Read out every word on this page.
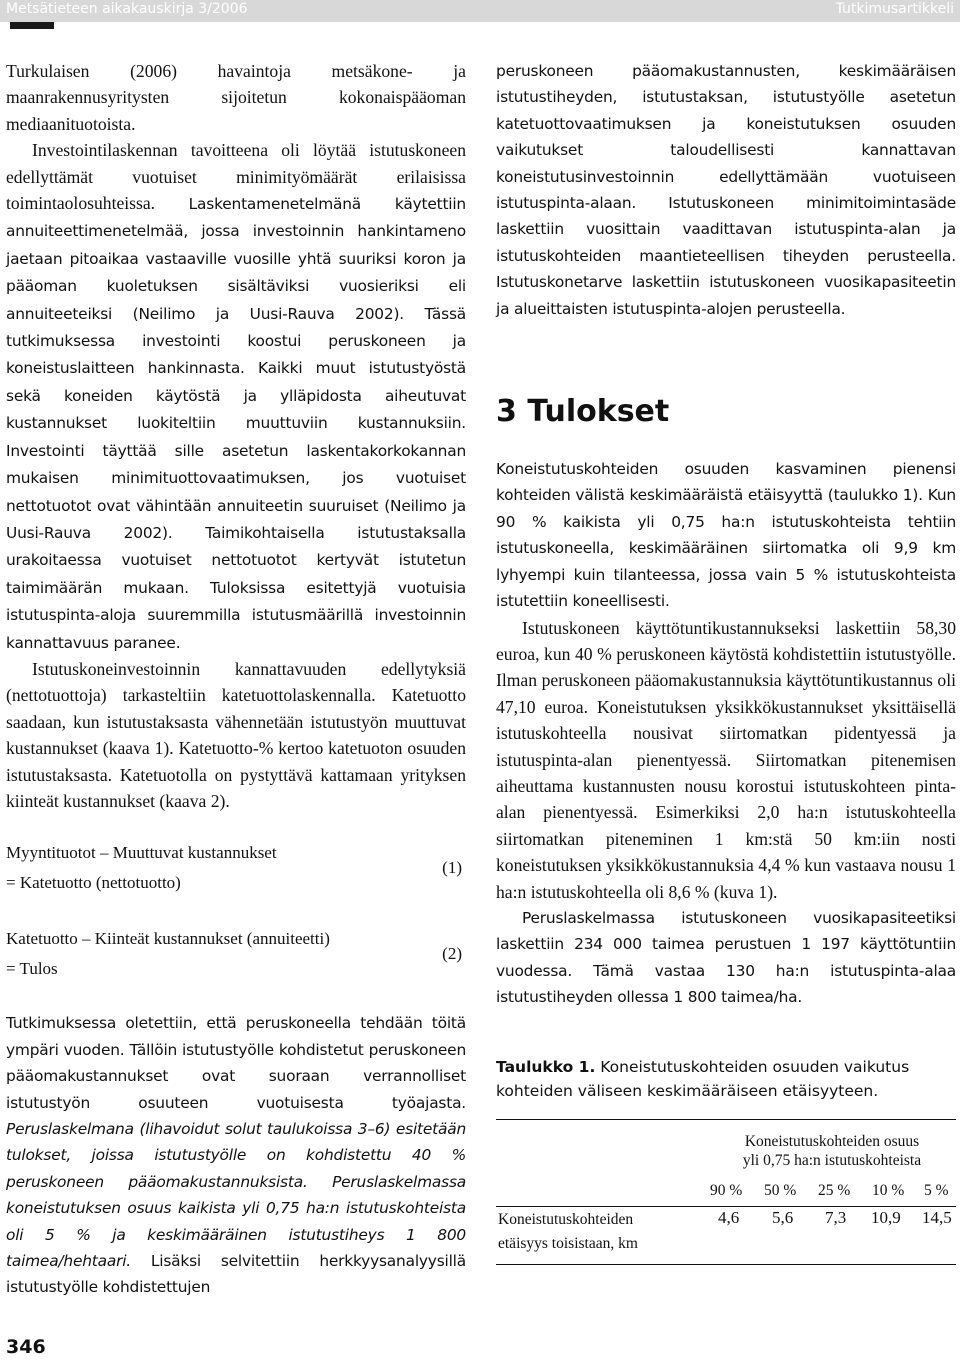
Metsätieteen aikakauskirja 3/2006	Tutkimusartikkeli

Turkulaisen (2006) havaintoja metsäkone- ja maanrakennusyritysten sijoitetun kokonaispääoman mediaanituotoista.

Investointilaskennan tavoitteena oli löytää istutuskoneen edellyttämät vuotuiset minimityömäärät erilaisissa toimintaolosuhteissa. Laskentamenetelmänä käytettiin annuiteettimenetelmää, jossa investoinnin hankintameno jaetaan pitoaikaa vastaaville vuosille yhtä suuriksi koron ja pääoman kuoletuksen sisältäviksi vuosieriksi eli annuiteeteiksi (Neilimo ja Uusi-Rauva 2002). Tässä tutkimuksessa investointi koostui peruskoneen ja koneistuslaitteen hankinnasta. Kaikki muut istutustyöstä sekä koneiden käytöstä ja ylläpidosta aiheutuvat kustannukset luokiteltiin muuttuviin kustannuksiin. Investointi täyttää sille asetetun laskentakorkokannan mukaisen minimituottovaatimuksen, jos vuotuiset nettotuotot ovat vähintään annuiteetin suuruiset (Neilimo ja Uusi-Rauva 2002). Taimikohtaisella istutustaksalla urakoitaessa vuotuiset nettotuotot kertyvät istutetun taimimäärän mukaan. Tuloksissa esitettyjä vuotuisia istutuspinta-aloja suuremmilla istutusmäärillä investoinnin kannattavuus paranee.

Istutuskoneinvestoinnin kannattavuuden edellytyksiä (nettotuottoja) tarkasteltiin katetuottolaskennalla. Katetuotto saadaan, kun istutustaksasta vähennetään istutustyön muuttuvat kustannukset (kaava 1). Katetuotto-% kertoo katetuoton osuuden istutustaksasta. Katetuotolla on pystyttävä kattamaan yrityksen kiinteät kustannukset (kaava 2).

Myyntituotot – Muuttuvat kustannukset
= Katetuotto (nettotuotto)
(1)
Katetuotto – Kiinteät kustannukset (annuiteetti)
= Tulos
(2)

Tutkimuksessa oletettiin, että peruskoneella tehdään töitä ympäri vuoden. Tällöin istutustyölle kohdistetut peruskoneen pääomakustannukset ovat suoraan verrannolliset istutustyön osuuteen vuotuisesta työajasta. Peruslaskelmana (lihavoidut solut taulukoissa 3–6) esitetään tulokset, joissa istutustyölle on kohdistettu 40 % peruskoneen pääomakustannuksista. Peruslaskelmassa koneistutuksen osuus kaikista yli 0,75 ha:n istutuskohteista oli 5 % ja keskimääräinen istutustiheys 1 800 taimea/hehtaari. Lisäksi selvitettiin herkkyysanalyysillä istutustyölle kohdistettujen

peruskoneen pääomakustannusten, keskimääräisen istutustiheyden, istutustaksan, istutustyölle asetetun katetuottovaatimuksen ja koneistutuksen osuuden vaikutukset taloudellisesti kannattavan koneistutusinvestoinnin edellyttämään vuotuiseen istutuspinta-alaan. Istutuskoneen minimitoimintasäde laskettiin vuosittain vaadittavan istutuspinta-alan ja istutuskohteiden maantieteellisen tiheyden perusteella. Istutuskonetarve laskettiin istutuskoneen vuosikapasiteetin ja alueittaisten istutuspinta-alojen perusteella.

3 Tulokset

Koneistutuskohteiden osuuden kasvaminen pienensi kohteiden välistä keskimääräistä etäisyyttä (taulukko 1). Kun 90 % kaikista yli 0,75 ha:n istutuskohteista tehtiin istutuskoneella, keskimääräinen siirtomatka oli 9,9 km lyhyempi kuin tilanteessa, jossa vain 5 % istutuskohteista istutettiin koneellisesti.

Istutuskoneen käyttötuntikustannukseksi laskettiin 58,30 euroa, kun 40 % peruskoneen käytöstä kohdistettiin istutustyölle. Ilman peruskoneen pääomakustannuksia käyttötuntikustannus oli 47,10 euroa. Koneistutuksen yksikkökustannukset yksittäisellä istutuskohteella nousivat siirtomatkan pidentyessä ja istutuspinta-alan pienentyessä. Siirtomatkan pitenemisen aiheuttama kustannusten nousu korostui istutuskohteen pinta-alan pienentyessä. Esimerkiksi 2,0 ha:n istutuskohteella siirtomatkan piteneminen 1 km:stä 50 km:iin nosti koneistutuksen yksikkökustannuksia 4,4 % kun vastaava nousu 1 ha:n istutuskohteella oli 8,6 % (kuva 1).

Peruslaskelmassa istutuskoneen vuosikapasiteetiksi laskettiin 234 000 taimea perustuen 1 197 käyttötuntiin vuodessa. Tämä vastaa 130 ha:n istutuspinta-alaa istutustiheyden ollessa 1 800 taimea/ha.

Taulukko 1. Koneistutuskohteiden osuuden vaikutus kohteiden väliseen keskimääräiseen etäisyyteen.
Koneistutuskohteiden osuus
yli 0,75 ha:n istutuskohteista
90 % 50 % 25 % 10 % 5 %
Koneistutuskohteiden
etäisyys toisistaan, km
4,6 5,6 7,3 10,9 14,5
346
